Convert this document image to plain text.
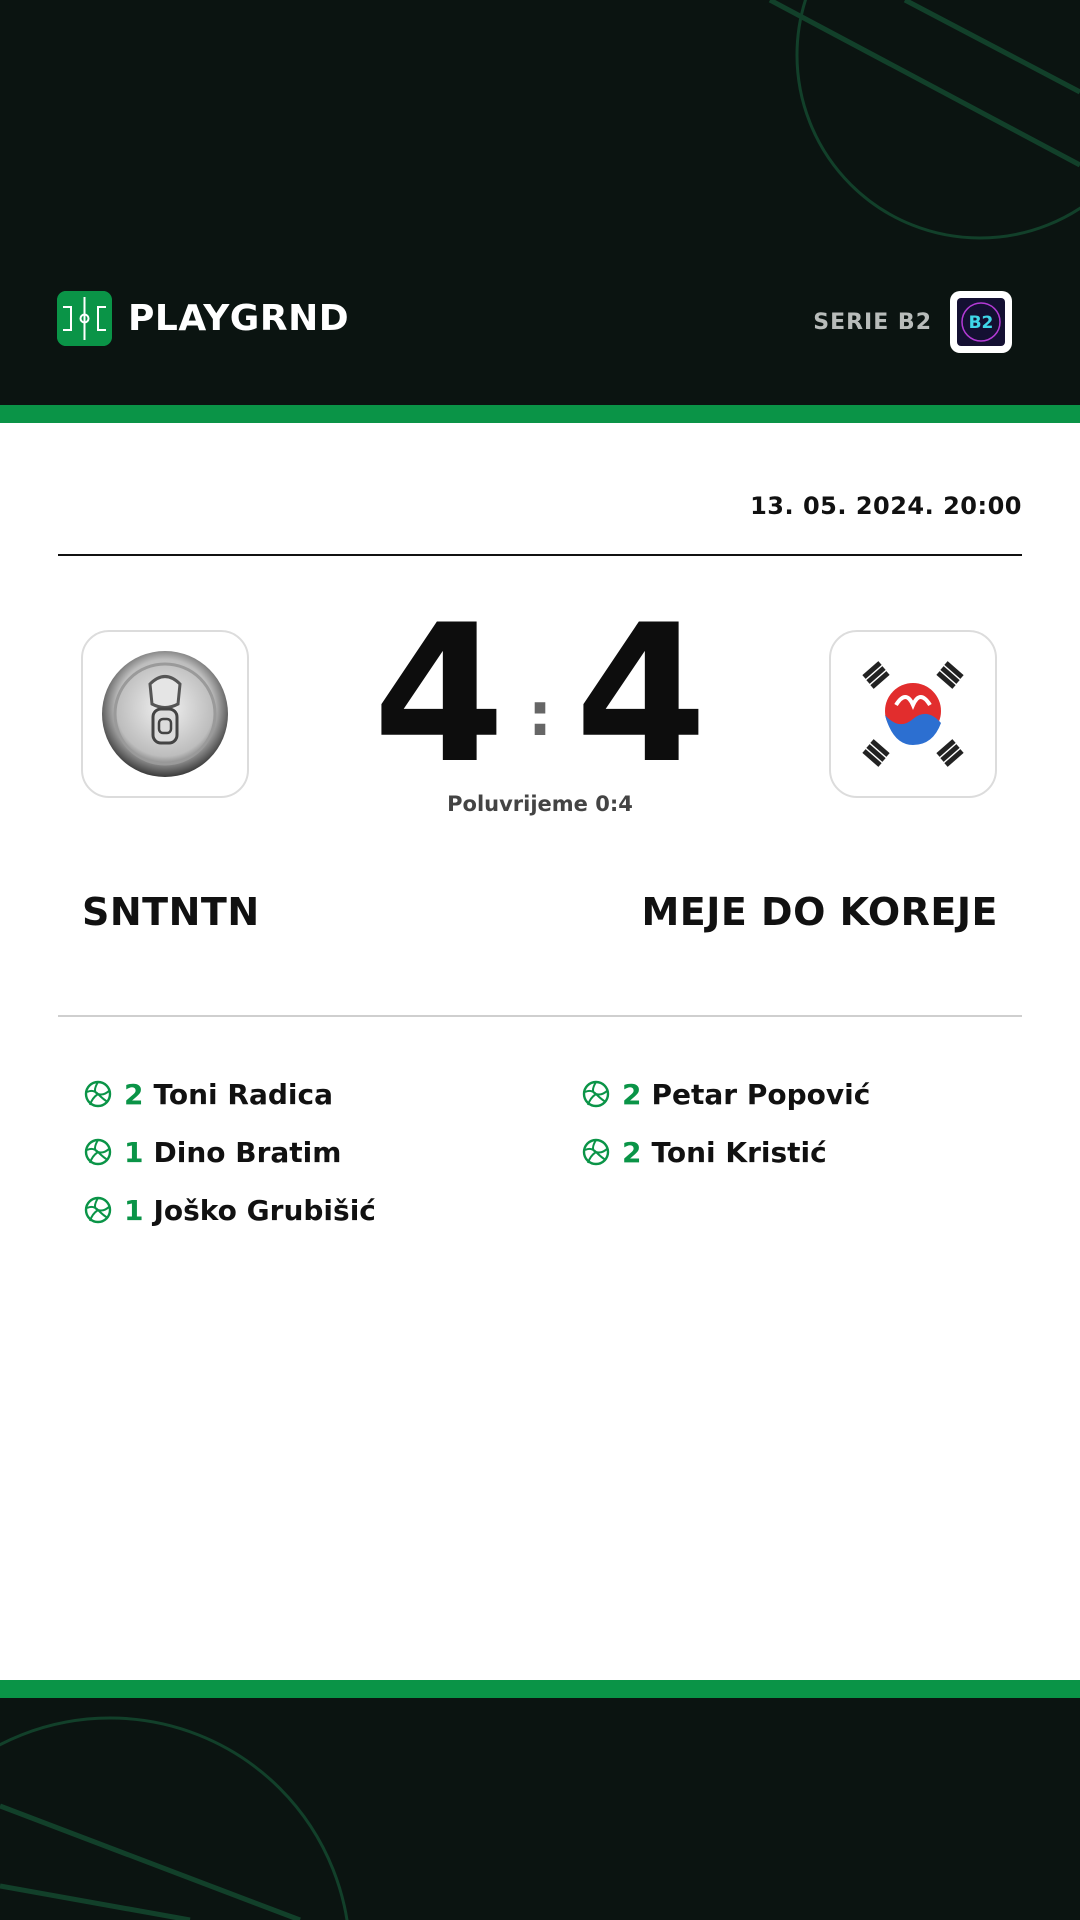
PLAYGRND	SERIE B2 B2
13. 05. 2024. 20:00
4 : 4
Poluvrijeme 0:4
SNTNTN	MEJE DO KOREJE
2 Toni Radica
1 Dino Bratim
1 Joško Grubišić
2 Petar Popović
2 Toni Kristić
